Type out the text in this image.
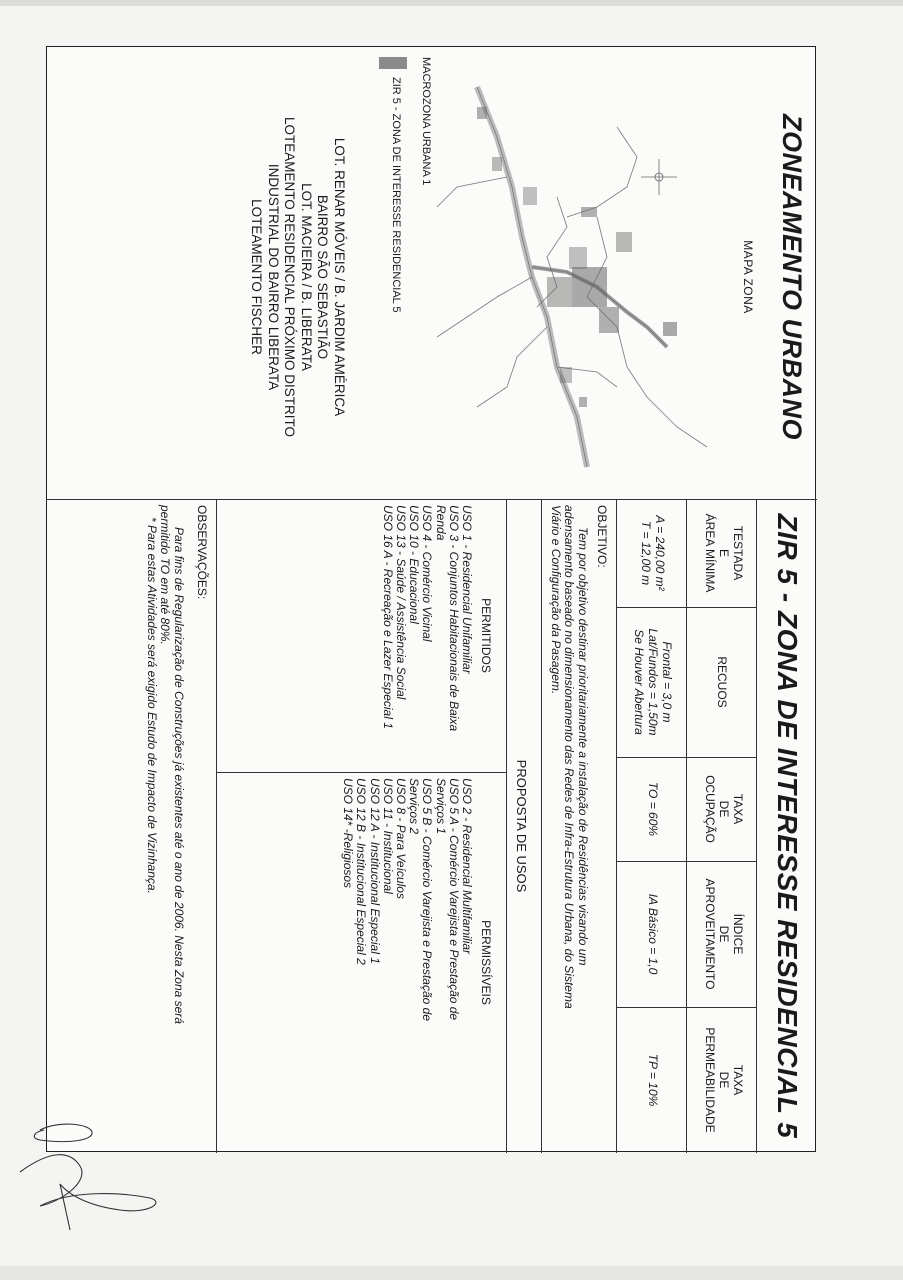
ZONEAMENTO URBANO
MAPA ZONA
MACROZONA URBANA 1
ZIR 5 - ZONA DE INTERESSE RESIDENCIAL 5
LOT. RENAR MÓVEIS / B. JARDIM AMÉRICA
BAIRRO SÃO SEBASTIÃO
LOT. MACIEIRA / B. LIBERATA
LOTEAMENTO RESIDENCIAL PRÓXIMO DISTRITO
INDUSTRIAL DO BAIRRO LIBERATA
LOTEAMENTO FISCHER
ZIR 5 - ZONA DE INTERESSE RESIDENCIAL 5
TESTADA
E
ÁREA MÍNIMA
RECUOS
TAXA
DE
OCUPAÇÃO
ÍNDICE
DE
APROVEITAMENTO
TAXA
DE
PERMEABILIDADE
A = 240,00 m²
T = 12,00 m
Frontal = 3,0 m
Lat/Fundos = 1,50m
Se Houver Abertura
TO = 60%
IA Básico = 1,0
TP = 10%
OBJETIVO:
Tem por objetivo destinar prioritariamente a instalação de Residências visando um
adensamento baseado no dimensionamento das Redes de Infra-Estrutura Urbana, do Sistema
Viário e Configuração da Pasagem.
PROPOSTA DE USOS
PERMITIDOS
PERMISSÍVEIS
USO 1 - Residencial Unifamiliar
USO 3 - Conjuntos Habitacionais de Baixa
Renda
USO 4 - Comércio Vicinal
USO 10 - Educacional
USO 13 - Saúde / Assistência Social
USO 16 A - Recreação e Lazer Especial 1
USO 2 - Residencial Multifamiliar
USO 5 A - Comércio Varejista e Prestação de
Serviços 1
USO 5 B - Comércio Varejista e Prestação de
Serviços 2
USO 8 - Para Veículos
USO 11 - Institucional
USO 12 A - Institucional Especial 1
USO 12 B - Institucional Especial 2
USO 14* -Religiosos
OBSERVAÇÕES:
Para fins de Regularização de Construções já existentes até o ano de 2006. Nesta Zona será
permitido TO em até 80%.
* Para estas Atividades será exigido Estudo de Impacto de Vizinhança.
